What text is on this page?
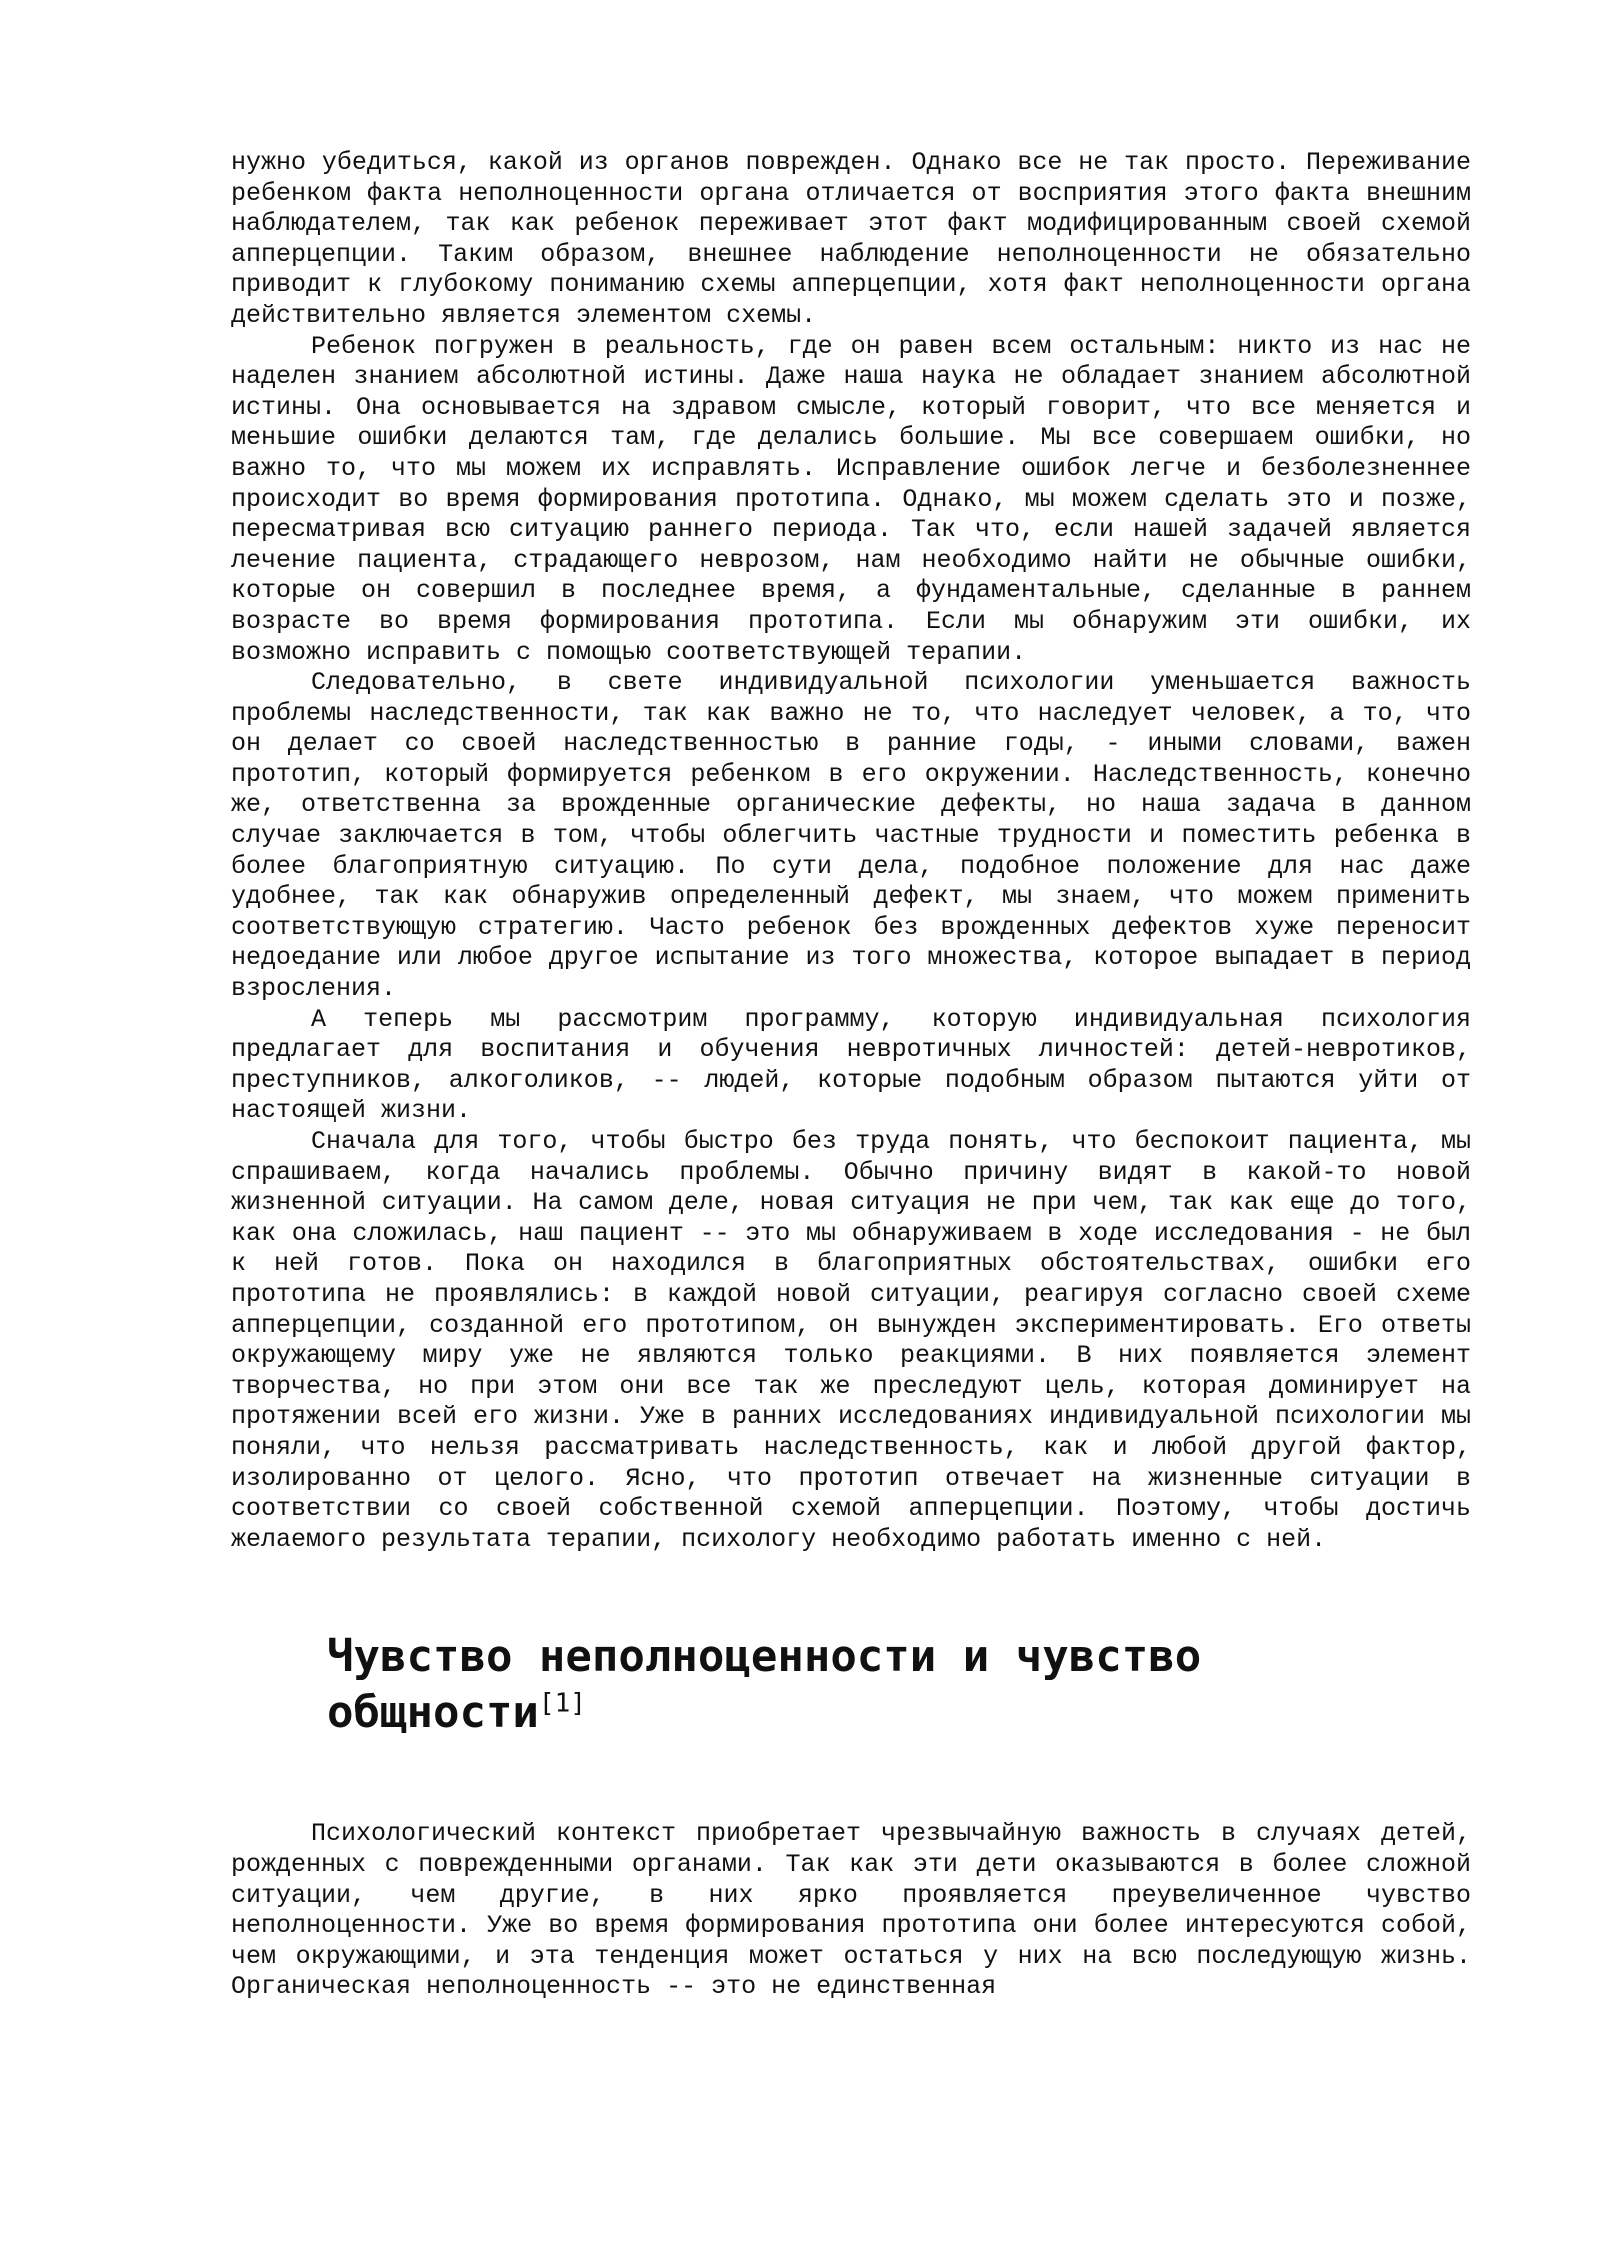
нужно убедиться, какой из органов поврежден. Однако все не так просто. Переживание ребенком факта неполноценности органа отличается от восприятия этого факта внешним наблюдателем, так как ребенок переживает этот факт модифицированным своей схемой апперцепции. Таким образом, внешнее наблюдение неполноценности не обязательно приводит к глубокому пониманию схемы апперцепции, хотя факт неполноценности органа действительно является элементом схемы.

Ребенок погружен в реальность, где он равен всем остальным: никто из нас не наделен знанием абсолютной истины. Даже наша наука не обладает знанием абсолютной истины. Она основывается на здравом смысле, который говорит, что все меняется и меньшие ошибки делаются там, где делались большие. Мы все совершаем ошибки, но важно то, что мы можем их исправлять. Исправление ошибок легче и безболезненнее происходит во время формирования прототипа. Однако, мы можем сделать это и позже, пересматривая всю ситуацию раннего периода. Так что, если нашей задачей является лечение пациента, страдающего неврозом, нам необходимо найти не обычные ошибки, которые он совершил в последнее время, а фундаментальные, сделанные в раннем возрасте во время формирования прототипа. Если мы обнаружим эти ошибки, их возможно исправить с помощью соответствующей терапии.

Следовательно, в свете индивидуальной психологии уменьшается важность проблемы наследственности, так как важно не то, что наследует человек, а то, что он делает со своей наследственностью в ранние годы, - иными словами, важен прототип, который формируется ребенком в его окружении. Наследственность, конечно же, ответственна за врожденные органические дефекты, но наша задача в данном случае заключается в том, чтобы облегчить частные трудности и поместить ребенка в более благоприятную ситуацию. По сути дела, подобное положение для нас даже удобнее, так как обнаружив определенный дефект, мы знаем, что можем применить соответствующую стратегию. Часто ребенок без врожденных дефектов хуже переносит недоедание или любое другое испытание из того множества, которое выпадает в период взросления.

А теперь мы рассмотрим программу, которую индивидуальная психология предлагает для воспитания и обучения невротичных личностей: детей-невротиков, преступников, алкоголиков, -- людей, которые подобным образом пытаются уйти от настоящей жизни.

Сначала для того, чтобы быстро без труда понять, что беспокоит пациента, мы спрашиваем, когда начались проблемы. Обычно причину видят в какой-то новой жизненной ситуации. На самом деле, новая ситуация не при чем, так как еще до того, как она сложилась, наш пациент -- это мы обнаруживаем в ходе исследования - не был к ней готов. Пока он находился в благоприятных обстоятельствах, ошибки его прототипа не проявлялись: в каждой новой ситуации, реагируя согласно своей схеме апперцепции, созданной его прототипом, он вынужден экспериментировать. Его ответы окружающему миру уже не являются только реакциями. В них появляется элемент творчества, но при этом они все так же преследуют цель, которая доминирует на протяжении всей его жизни. Уже в ранних исследованиях индивидуальной психологии мы поняли, что нельзя рассматривать наследственность, как и любой другой фактор, изолированно от целого. Ясно, что прототип отвечает на жизненные ситуации в соответствии со своей собственной схемой апперцепции. Поэтому, чтобы достичь желаемого результата терапии, психологу необходимо работать именно с ней.

Чувство неполноценности и чувство общности[1]

Психологический контекст приобретает чрезвычайную важность в случаях детей, рожденных с поврежденными органами. Так как эти дети оказываются в более сложной ситуации, чем другие, в них ярко проявляется преувеличенное чувство неполноценности. Уже во время формирования прототипа они более интересуются собой, чем окружающими, и эта тенденция может остаться у них на всю последующую жизнь. Органическая неполноценность -- это не единственная
